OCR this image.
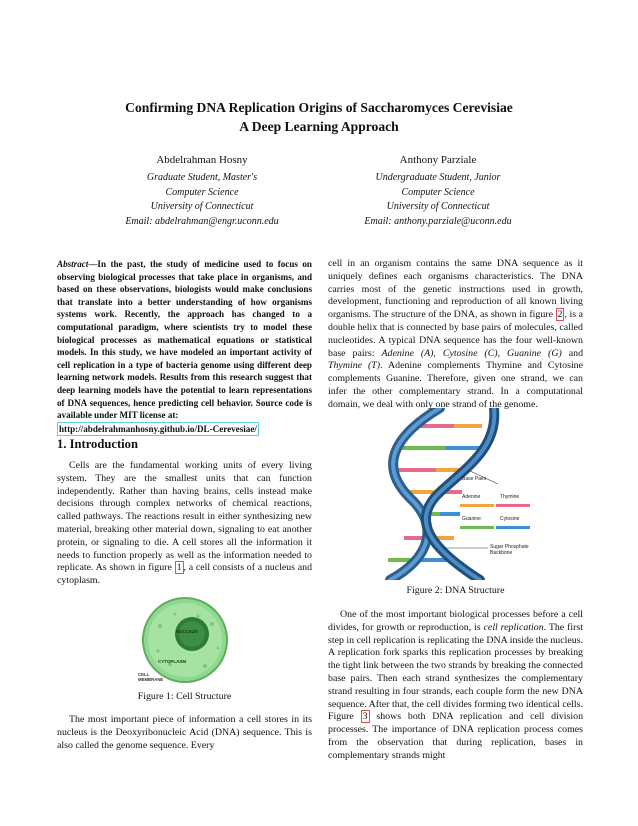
Confirming DNA Replication Origins of Saccharomyces Cerevisiae
A Deep Learning Approach
Abdelrahman Hosny
Graduate Student, Master's
Computer Science
University of Connecticut
Email: abdelrahman@engr.uconn.edu
Anthony Parziale
Undergraduate Student, Junior
Computer Science
University of Connecticut
Email: anthony.parziale@uconn.edu

Abstract—In the past, the study of medicine used to focus on observing biological processes that take place in organisms, and based on these observations, biologists would make conclusions that translate into a better understanding of how organisms systems work. Recently, the approach has changed to a computational paradigm, where scientists try to model these biological processes as mathematical equations or statistical models. In this study, we have modeled an important activity of cell replication in a type of bacteria genome using different deep learning network models. Results from this research suggest that deep learning models have the potential to learn representations of DNA sequences, hence predicting cell behavior. Source code is available under MIT license at:
http://abdelrahmanhosny.github.io/DL-Cerevesiae/

1. Introduction

Cells are the fundamental working units of every living system. They are the smallest units that can function independently. Rather than having brains, cells instead make decisions through complex networks of chemical reactions, called pathways. The reactions result in either synthesizing new material, breaking other material down, signaling to eat another protein, or signaling to die. A cell stores all the information it needs to function properly as well as the information needed to replicate. As shown in figure 1 , a cell consists of a nucleus and cytoplasm.

NUCLEUS
CYTOPLASM
CELL
MEMBRANE
Figure 1: Cell Structure

The most important piece of information a cell stores in its nucleus is the Deoxyribonucleic Acid (DNA) sequence. This is also called the genome sequence. Every

cell in an organism contains the same DNA sequence as it uniquely defines each organisms characteristics. The DNA carries most of the genetic instructions used in growth, development, functioning and reproduction of all known living organisms. The structure of the DNA, as shown in figure 2 , is a double helix that is connected by base pairs of molecules, called nucleotides. A typical DNA sequence has the four well-known base pairs: Adenine (A), Cytosine (C), Guanine (G) and Thymine (T). Adenine complements Thymine and Cytosine complements Guanine. Therefore, given one strand, we can infer the other complementary strand. In a computational domain, we deal with only one strand of the genome.

Base Pairs
Adenine	Thymine
Guanine	Cytosine
Sugar Phosphate
Backbone
Figure 2: DNA Structure

One of the most important biological processes before a cell divides, for growth or reproduction, is cell replication. The first step in cell replication is replicating the DNA inside the nucleus. A replication fork sparks this replication processes by breaking the tight link between the two strands by breaking the connected base pairs. Then each strand synthesizes the complementary strand resulting in four strands, each couple form the new DNA sequence. After that, the cell divides forming two identical cells. Figure 3 shows both DNA replication and cell division processes. The importance of DNA replication process comes from the observation that during replication, bases in complementary strands might
